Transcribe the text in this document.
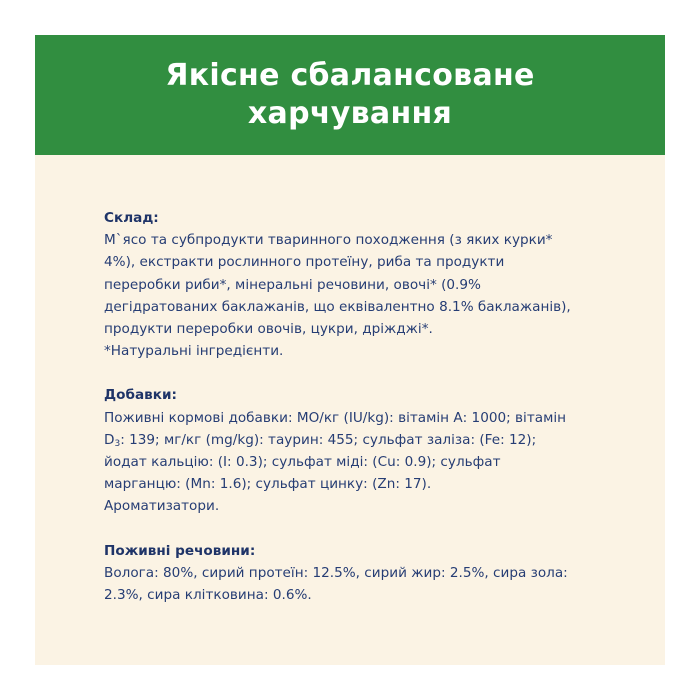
Якісне сбалансоване
харчування

Склад:

М`ясо та субпродукти тваринного походження (з яких курки*
4%), екстракти рослинного протеїну, риба та продукти
переробки риби*, мінеральні речовини, овочі* (0.9%
дегідратованих баклажанів, що еквівалентно 8.1% баклажанів),
продукти переробки овочів, цукри, дріжджі*.
*Натуральні інгредієнти.

Добавки:

Поживні кормові добавки: МО/кг (IU/kg): вітамін А: 1000; вітамін
$D_3$: 139; мг/кг (mg/kg): таурин: 455; сульфат заліза: (Fe: 12);
йодат кальцію: (I: 0.3); сульфат міді: (Cu: 0.9); сульфат
марганцю: (Mn: 1.6); сульфат цинку: (Zn: 17).
Ароматизатори.

Поживні речовини:

Волога: 80%, сирий протеїн: 12.5%, сирий жир: 2.5%, сира зола:
2.3%, сира клітковина: 0.6%.
